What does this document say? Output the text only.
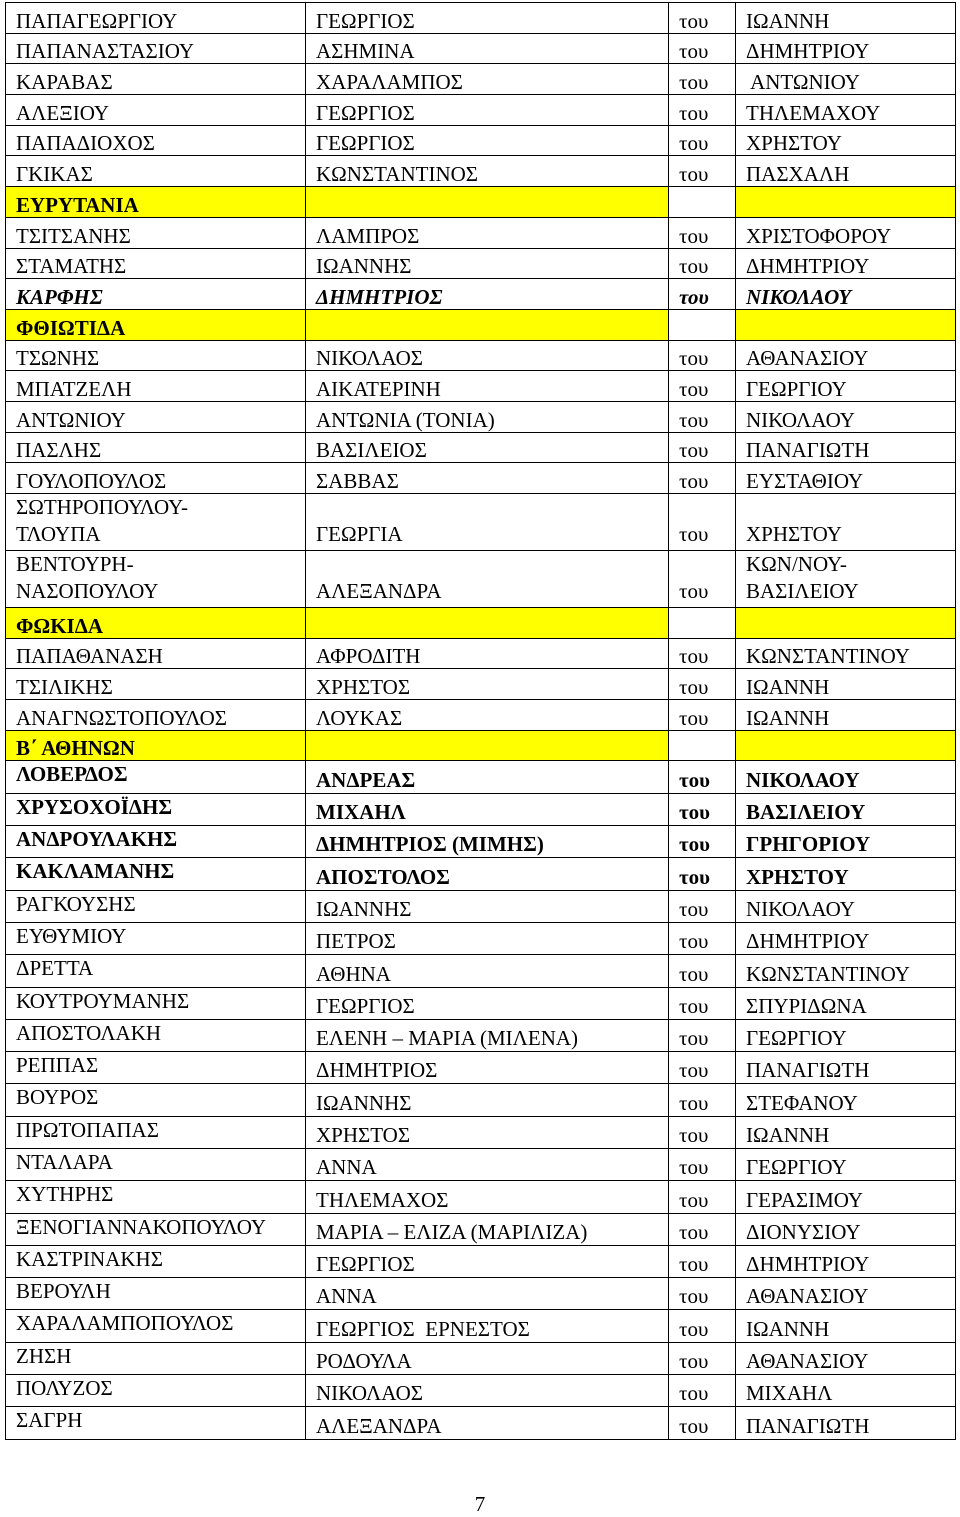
ΠΑΠΑΓΕΩΡΓΙΟΥ	ΓΕΩΡΓΙΟΣ	του	ΙΩΑΝΝΗ
ΠΑΠΑΝΑΣΤΑΣΙΟΥ	ΑΣΗΜΙΝΑ	του	ΔΗΜΗΤΡΙΟΥ
ΚΑΡΑΒΑΣ	ΧΑΡΑΛΑΜΠΟΣ	του	ΑΝΤΩΝΙΟΥ
ΑΛΕΞΙΟΥ	ΓΕΩΡΓΙΟΣ	του	ΤΗΛΕΜΑΧΟΥ
ΠΑΠΑΔΙΟΧΟΣ	ΓΕΩΡΓΙΟΣ	του	ΧΡΗΣΤΟΥ
ΓΚΙΚΑΣ	ΚΩΝΣΤΑΝΤΙΝΟΣ	του	ΠΑΣΧΑΛΗ
ΕΥΡΥΤΑΝΙΑ			
ΤΣΙΤΣΑΝΗΣ	ΛΑΜΠΡΟΣ	του	ΧΡΙΣΤΟΦΟΡΟΥ
ΣΤΑΜΑΤΗΣ	ΙΩΑΝΝΗΣ	του	ΔΗΜΗΤΡΙΟΥ
ΚΑΡΦΗΣ	ΔΗΜΗΤΡΙΟΣ	του	ΝΙΚΟΛΑΟΥ
ΦΘΙΩΤΙΔΑ			
ΤΣΩΝΗΣ	ΝΙΚΟΛΑΟΣ	του	ΑΘΑΝΑΣΙΟΥ
ΜΠΑΤΖΕΛΗ	ΑΙΚΑΤΕΡΙΝΗ	του	ΓΕΩΡΓΙΟΥ
ΑΝΤΩΝΙΟΥ	ΑΝΤΩΝΙΑ (ΤΟΝΙΑ)	του	ΝΙΚΟΛΑΟΥ
ΠΑΣΛΗΣ	ΒΑΣΙΛΕΙΟΣ	του	ΠΑΝΑΓΙΩΤΗ
ΓΟΥΛΟΠΟΥΛΟΣ	ΣΑΒΒΑΣ	του	ΕΥΣΤΑΘΙΟΥ
ΣΩΤΗΡΟΠΟΥΛΟΥ-ΤΛΟΥΠΑ	ΓΕΩΡΓΙΑ	του	ΧΡΗΣΤΟΥ
ΒΕΝΤΟΥΡΗ-ΝΑΣΟΠΟΥΛΟΥ	ΑΛΕΞΑΝΔΡΑ	του	ΚΩΝ/ΝΟΥ-ΒΑΣΙΛΕΙΟΥ
ΦΩΚΙΔΑ			
ΠΑΠΑΘΑΝΑΣΗ	ΑΦΡΟΔΙΤΗ	του	ΚΩΝΣΤΑΝΤΙΝΟΥ
ΤΣΙΛΙΚΗΣ	ΧΡΗΣΤΟΣ	του	ΙΩΑΝΝΗ
ΑΝΑΓΝΩΣΤΟΠΟΥΛΟΣ	ΛΟΥΚΑΣ	του	ΙΩΑΝΝΗ
Β΄ ΑΘΗΝΩΝ			
ΛΟΒΕΡΔΟΣ	ΑΝΔΡΕΑΣ	του	ΝΙΚΟΛΑΟΥ
ΧΡΥΣΟΧΟΪΔΗΣ	ΜΙΧΑΗΛ	του	ΒΑΣΙΛΕΙΟΥ
ΑΝΔΡΟΥΛΑΚΗΣ	ΔΗΜΗΤΡΙΟΣ (ΜΙΜΗΣ)	του	ΓΡΗΓΟΡΙΟΥ
ΚΑΚΛΑΜΑΝΗΣ	ΑΠΟΣΤΟΛΟΣ	του	ΧΡΗΣΤΟΥ
ΡΑΓΚΟΥΣΗΣ	ΙΩΑΝΝΗΣ	του	ΝΙΚΟΛΑΟΥ
ΕΥΘΥΜΙΟΥ	ΠΕΤΡΟΣ	του	ΔΗΜΗΤΡΙΟΥ
ΔΡΕΤΤΑ	ΑΘΗΝΑ	του	ΚΩΝΣΤΑΝΤΙΝΟΥ
ΚΟΥΤΡΟΥΜΑΝΗΣ	ΓΕΩΡΓΙΟΣ	του	ΣΠΥΡΙΔΩΝΑ
ΑΠΟΣΤΟΛΑΚΗ	ΕΛΕΝΗ – ΜΑΡΙΑ (ΜΙΛΕΝΑ)	του	ΓΕΩΡΓΙΟΥ
ΡΕΠΠΑΣ	ΔΗΜΗΤΡΙΟΣ	του	ΠΑΝΑΓΙΩΤΗ
ΒΟΥΡΟΣ	ΙΩΑΝΝΗΣ	του	ΣΤΕΦΑΝΟΥ
ΠΡΩΤΟΠΑΠΑΣ	ΧΡΗΣΤΟΣ	του	ΙΩΑΝΝΗ
ΝΤΑΛΑΡΑ	ΑΝΝΑ	του	ΓΕΩΡΓΙΟΥ
ΧΥΤΗΡΗΣ	ΤΗΛΕΜΑΧΟΣ	του	ΓΕΡΑΣΙΜΟΥ
ΞΕΝΟΓΙΑΝΝΑΚΟΠΟΥΛΟΥ	ΜΑΡΙΑ – ΕΛΙΖΑ (ΜΑΡΙΛΙΖΑ)	του	ΔΙΟΝΥΣΙΟΥ
ΚΑΣΤΡΙΝΑΚΗΣ	ΓΕΩΡΓΙΟΣ	του	ΔΗΜΗΤΡΙΟΥ
ΒΕΡΟΥΛΗ	ΑΝΝΑ	του	ΑΘΑΝΑΣΙΟΥ
ΧΑΡΑΛΑΜΠΟΠΟΥΛΟΣ	ΓΕΩΡΓΙΟΣ  ΕΡΝΕΣΤΟΣ	του	ΙΩΑΝΝΗ
ΖΗΣΗ	ΡΟΔΟΥΛΑ	του	ΑΘΑΝΑΣΙΟΥ
ΠΟΛΥΖΟΣ	ΝΙΚΟΛΑΟΣ	του	ΜΙΧΑΗΛ
ΣΑΓΡΗ	ΑΛΕΞΑΝΔΡΑ	του	ΠΑΝΑΓΙΩΤΗ
7
